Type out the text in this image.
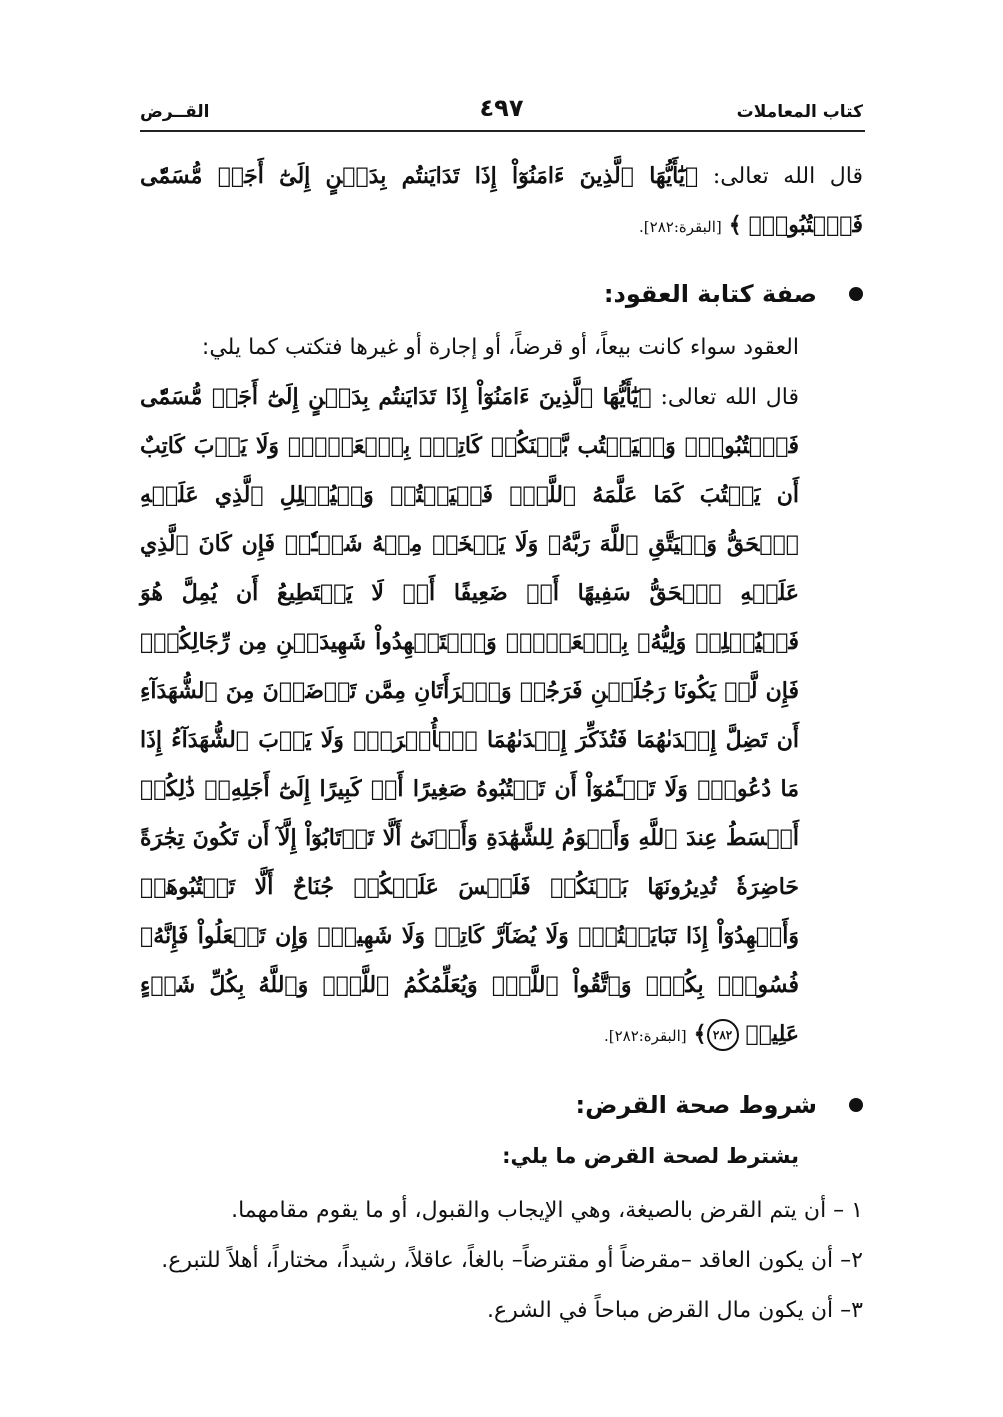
كتاب المعاملات
٤٩٧
القــرض

قال الله تعالى: ﴿يَٰٓأَيُّهَا ٱلَّذِينَ ءَامَنُوٓاْ إِذَا تَدَايَنتُم بِدَيۡنٍ إِلَىٰٓ أَجَلٖ مُّسَمّٗى فَٱكۡتُبُوهُۚ ﴾ [البقرة:٢٨٢].

صفة كتابة العقود:

العقود سواء كانت بيعاً، أو قرضاً، أو إجارة أو غيرها فتكتب كما يلي:

قال الله تعالى: ﴿يَٰٓأَيُّهَا ٱلَّذِينَ ءَامَنُوٓاْ إِذَا تَدَايَنتُم بِدَيۡنٍ إِلَىٰٓ أَجَلٖ مُّسَمّٗى فَٱكۡتُبُوهُۚ وَلۡيَكۡتُب بَّيۡنَكُمۡ كَاتِبُۢ بِٱلۡعَدۡلِۚ وَلَا يَأۡبَ كَاتِبٌ أَن يَكۡتُبَ كَمَا عَلَّمَهُ ٱللَّهُۚ فَلۡيَكۡتُبۡ وَلۡيُمۡلِلِ ٱلَّذِي عَلَيۡهِ ٱلۡحَقُّ وَلۡيَتَّقِ ٱللَّهَ رَبَّهُۥ وَلَا يَبۡخَسۡ مِنۡهُ شَيۡـٔٗاۚ فَإِن كَانَ ٱلَّذِي عَلَيۡهِ ٱلۡحَقُّ سَفِيهًا أَوۡ ضَعِيفًا أَوۡ لَا يَسۡتَطِيعُ أَن يُمِلَّ هُوَ فَلۡيُمۡلِلۡ وَلِيُّهُۥ بِٱلۡعَدۡلِۚ وَٱسۡتَشۡهِدُواْ شَهِيدَيۡنِ مِن رِّجَالِكُمۡۖ فَإِن لَّمۡ يَكُونَا رَجُلَيۡنِ فَرَجُلٞ وَٱمۡرَأَتَانِ مِمَّن تَرۡضَوۡنَ مِنَ ٱلشُّهَدَآءِ أَن تَضِلَّ إِحۡدَىٰهُمَا فَتُذَكِّرَ إِحۡدَىٰهُمَا ٱلۡأُخۡرَىٰۚ وَلَا يَأۡبَ ٱلشُّهَدَآءُ إِذَا مَا دُعُواْۚ وَلَا تَسۡـَٔمُوٓاْ أَن تَكۡتُبُوهُ صَغِيرًا أَوۡ كَبِيرًا إِلَىٰٓ أَجَلِهِۦۚ ذَٰلِكُمۡ أَقۡسَطُ عِندَ ٱللَّهِ وَأَقۡوَمُ لِلشَّهَٰدَةِ وَأَدۡنَىٰٓ أَلَّا تَرۡتَابُوٓاْ إِلَّآ أَن تَكُونَ تِجَٰرَةً حَاضِرَةٗ تُدِيرُونَهَا بَيۡنَكُمۡ فَلَيۡسَ عَلَيۡكُمۡ جُنَاحٌ أَلَّا تَكۡتُبُوهَاۗ وَأَشۡهِدُوٓاْ إِذَا تَبَايَعۡتُمۡۚ وَلَا يُضَآرَّ كَاتِبٞ وَلَا شَهِيدٞۚ وَإِن تَفۡعَلُواْ فَإِنَّهُۥ فُسُوقُۢ بِكُمۡۗ وَٱتَّقُواْ ٱللَّهَۖ وَيُعَلِّمُكُمُ ٱللَّهُۗ وَٱللَّهُ بِكُلِّ شَيۡءٍ عَلِيمٞ ٢٨٢﴾ [البقرة:٢٨٢].

شروط صحة القرض:

يشترط لصحة القرض ما يلي:

١ – أن يتم القرض بالصيغة، وهي الإيجاب والقبول، أو ما يقوم مقامهما.

٢– أن يكون العاقد –مقرضاً أو مقترضاً– بالغاً، عاقلاً، رشيداً، مختاراً، أهلاً للتبرع.

٣– أن يكون مال القرض مباحاً في الشرع.
